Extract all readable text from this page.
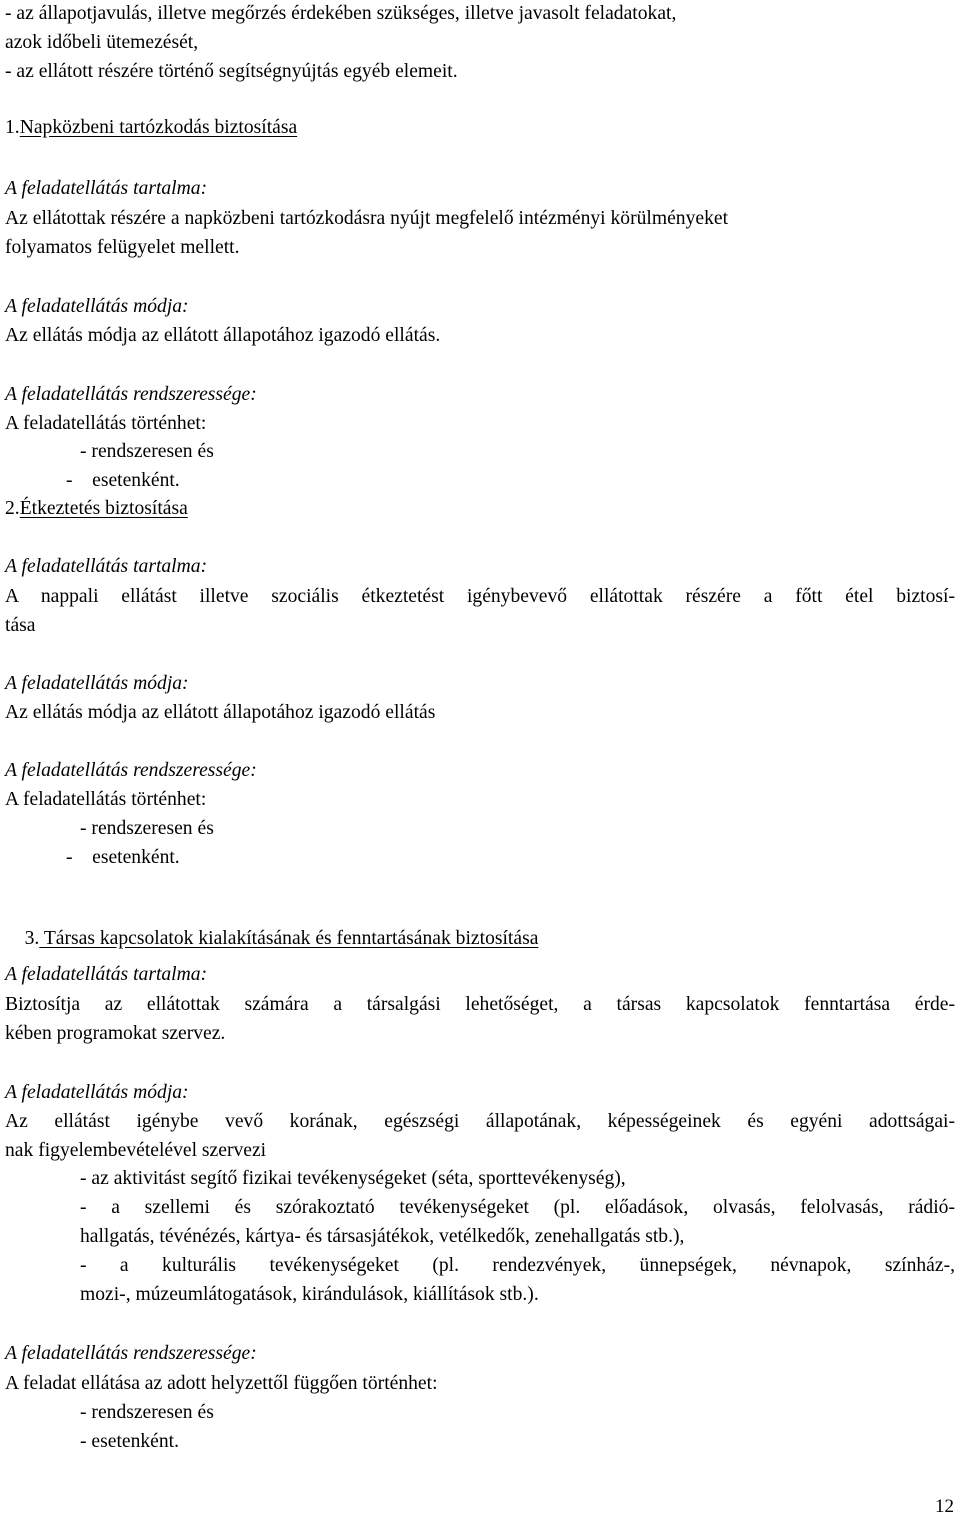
- az állapotjavulás, illetve megőrzés érdekében szükséges, illetve javasolt feladatokat,
azok időbeli ütemezését,
- az ellátott részére történő segítségnyújtás egyéb elemeit.
1.Napközbeni tartózkodás biztosítása
A feladatellátás tartalma:
Az ellátottak részére a napközbeni tartózkodásra nyújt megfelelő intézményi körülményeket
folyamatos felügyelet mellett.
A feladatellátás módja:
Az ellátás módja az ellátott állapotához igazodó ellátás.
A feladatellátás rendszeressége:
A feladatellátás történhet:
- rendszeresen és
-    esetenként.
2.Étkeztetés biztosítása
A feladatellátás tartalma:
A nappali ellátást illetve szociális étkeztetést igénybevevő ellátottak részére a főtt étel biztosí-
tása
A feladatellátás módja:
Az ellátás módja az ellátott állapotához igazodó ellátás
A feladatellátás rendszeressége:
A feladatellátás történhet:
- rendszeresen és
-    esetenként.

3. Társas kapcsolatok kialakításának és fenntartásának biztosítása

A feladatellátás tartalma:
Biztosítja az ellátottak számára a társalgási lehetőséget, a társas kapcsolatok fenntartása érde-
kében programokat szervez.
A feladatellátás módja:
Az ellátást igénybe vevő korának, egészségi állapotának, képességeinek és egyéni adottságai-
nak figyelembevételével szervezi
- az aktivitást segítő fizikai tevékenységeket (séta, sporttevékenység),
- a szellemi és szórakoztató tevékenységeket (pl. előadások, olvasás, felolvasás, rádió-
hallgatás, tévénézés, kártya- és társasjátékok, vetélkedők, zenehallgatás stb.),
- a kulturális tevékenységeket (pl. rendezvények, ünnepségek, névnapok, színház-,
mozi-, múzeumlátogatások, kirándulások, kiállítások stb.).
A feladatellátás rendszeressége:
A feladat ellátása az adott helyzettől függően történhet:
- rendszeresen és
- esetenként.
12
